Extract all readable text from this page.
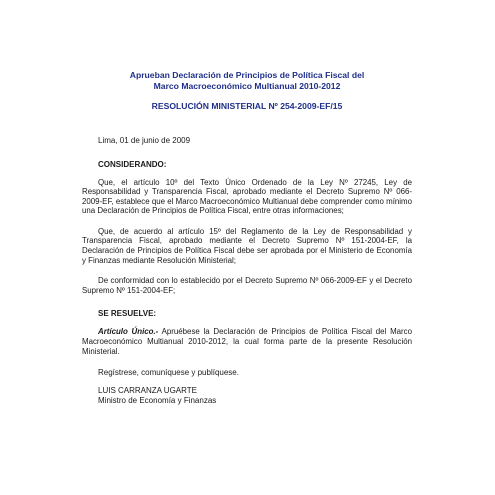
Aprueban Declaración de Principios de Política Fiscal del
Marco Macroeconómico Multianual 2010-2012

RESOLUCIÓN MINISTERIAL Nº 254-2009-EF/15

Lima, 01 de junio de 2009

CONSIDERANDO:

Que, el artículo 10º del Texto Único Ordenado de la Ley Nº 27245, Ley de Responsabilidad y Transparencia Fiscal, aprobado mediante el Decreto Supremo Nº 066-2009-EF, establece que el Marco Macroeconómico Multianual debe comprender como mínimo una Declaración de Principios de Política Fiscal, entre otras informaciones;

Que, de acuerdo al artículo 15º del Reglamento de la Ley de Responsabilidad y Transparencia Fiscal, aprobado mediante el Decreto Supremo Nº 151-2004-EF, la Declaración de Principios de Política Fiscal debe ser aprobada por el Ministerio de Economía y Finanzas mediante Resolución Ministerial;

De conformidad con lo establecido por el Decreto Supremo Nº 066-2009-EF y el Decreto Supremo Nº 151-2004-EF;

SE RESUELVE:

Artículo Único.- Apruébese la Declaración de Principios de Política Fiscal del Marco Macroeconómico Multianual 2010-2012, la cual forma parte de la presente Resolución Ministerial.

Regístrese, comuníquese y publíquese.

LUIS CARRANZA UGARTE
Ministro de Economía y Finanzas
